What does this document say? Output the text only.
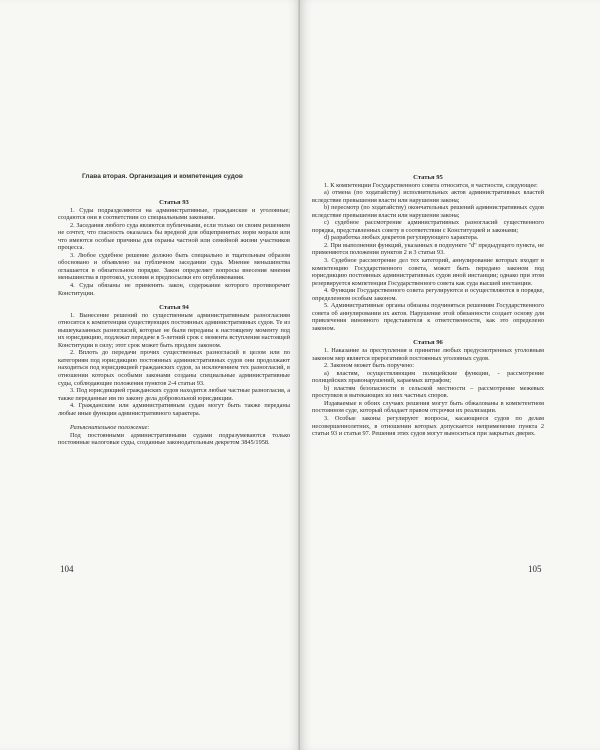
Глава вторая. Организация и компетенция судов
Статья 93

1. Суды подразделяются на административные, гражданские и уголовные; создаются они в соответствии со специальными законами.

2. Заседания любого суда являются публичными, если только он своим решением не сочтет, что гласность оказалась бы вредной для общепринятых норм морали или что имеются особые причины для охраны частной или семейной жизни участников процесса.

3. Любое судебное решение должно быть специально и тщательным образом обосновано и объявлено на публичном заседании суда. Мнение меньшинства оглашается в обязательном порядке. Закон определяет вопросы внесения мнения меньшинства в протокол, условия и предпосылки его опубликования.

4. Суды обязаны не применять закон, содержание которого противоречит Конституции.

Статья 94

1. Вынесение решений по существенным административным разногласиям относится к компетенции существующих постоянных административных судов. Те из вышеуказанных разногласий, которые не были переданы к настоящему моменту под их юрисдикцию, подлежат передаче в 5-летний срок с момента вступления настоящей Конституции в силу; этот срок может быть продлен законом.

2. Вплоть до передачи прочих существенных разногласий в целом или по категориям под юрисдикцию постоянных административных судов они продолжают находиться под юрисдикцией гражданских судов, за исключением тех разногласий, в отношении которых особыми законами созданы специальные административные суды, соблюдающие положения пунктов 2-4 статьи 93.

3. Под юрисдикцией гражданских судов находятся любые частные разногласия, а также переданные им по закону дела добровольной юрисдикции.

4. Гражданским или административным судам могут быть также переданы любые иные функции административного характера.

Разъяснительное положение:

Под постоянными административными судами подразумеваются только постоянные налоговые суды, созданные законодательным декретом 3845/1958.

104
Статья 95

1. К компетенции Государственного совета относится, в частности, следующее:

a) отмена (по ходатайству) исполнительных актов административных властей вследствие превышения власти или нарушения закона;

b) пересмотр (по ходатайству) окончательных решений административных судов вследствие превышения власти или нарушения закона;

c) судебное рассмотрение административных разногласий существенного порядка, представленных совету в соответствии с Конституцией и законами;

d) разработка любых декретов регулирующего характера.

2. При выполнении функций, указанных в подпункте "d" предыдущего пункта, не применяются положения пунктов 2 и 3 статьи 93.

3. Судебное рассмотрение дел тех категорий, аннулирование которых входит в компетенцию Государственного совета, может быть передано законом под юрисдикцию постоянных административных судов иной инстанции; однако при этом резервируется компетенция Государственного совета как суда высшей инстанции.

4. Функции Государственного совета регулируются и осуществляются в порядке, определенном особым законом.

5. Административные органы обязаны подчиняться решениям Государственного совета об аннулировании их актов. Нарушение этой обязанности создает основу для привлечения виновного представителя к ответственности, как это определено законом.

Статья 96

1. Наказание за преступления и принятие любых предусмотренных уголовным законом мер является прерогативой постоянных уголовных судов.

2. Законом может быть поручено:

a) властям, осуществляющим полицейские функции, - рассмотрение полицейских правонарушений, караемых штрафом;

b) властям безопасности в сельской местности – рассмотрение межевых проступков и вытекающих из них частных споров.

Издаваемые в обоих случаях решения могут быть обжалованы в компетентном постоянном суде, который обладает правом отсрочки их реализации.

3. Особые законы регулируют вопросы, касающиеся судов по делам несовершеннолетних, в отношении которых допускается неприменение пункта 2 статьи 93 и статьи 97. Решения этих судов могут выноситься при закрытых дверях.

105
